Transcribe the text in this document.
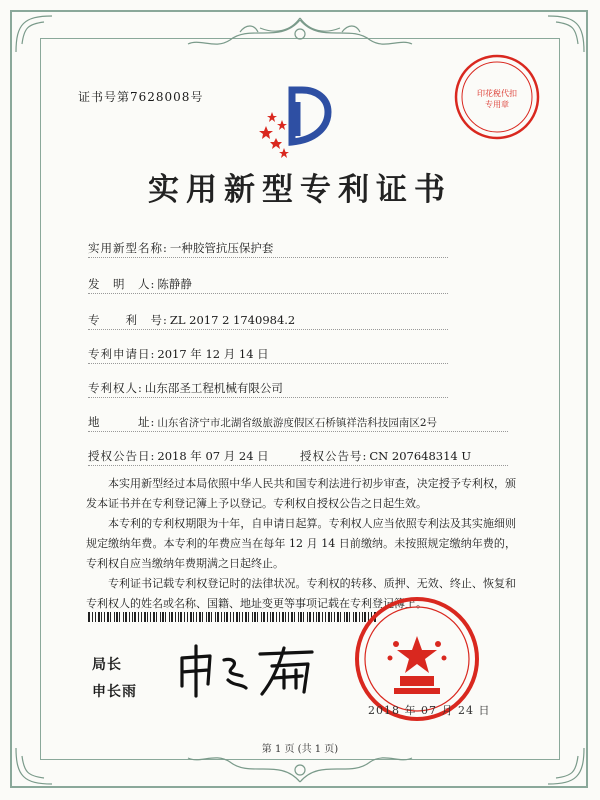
证书号第7628008号	印花税代扣专用章
实用新型专利证书
实用新型名称: 一种胶管抗压保护套
发　明　人: 陈静静
专　　利　号: ZL 2017 2 1740984.2
专利申请日: 2017 年 12 月 14 日
专利权人: 山东邵圣工程机械有限公司
地　　　址: 山东省济宁市北湖省级旅游度假区石桥镇祥浩科技园南区2号
授权公告日: 2018 年 07 月 24 日	授权公告号: CN 207648314 U
本实用新型经过本局依照中华人民共和国专利法进行初步审查，决定授予专利权，颁发本证书并在专利登记簿上予以登记。专利权自授权公告之日起生效。
本专利的专利权期限为十年，自申请日起算。专利权人应当依照专利法及其实施细则规定缴纳年费。本专利的年费应当在每年 12 月 14 日前缴纳。未按照规定缴纳年费的，专利权自应当缴纳年费期满之日起终止。
专利证书记载专利权登记时的法律状况。专利权的转移、质押、无效、终止、恢复和专利权人的姓名或名称、国籍、地址变更等事项记载在专利登记簿上。
局长
申长雨
2018 年 07 月 24 日
第 1 页 (共 1 页)
